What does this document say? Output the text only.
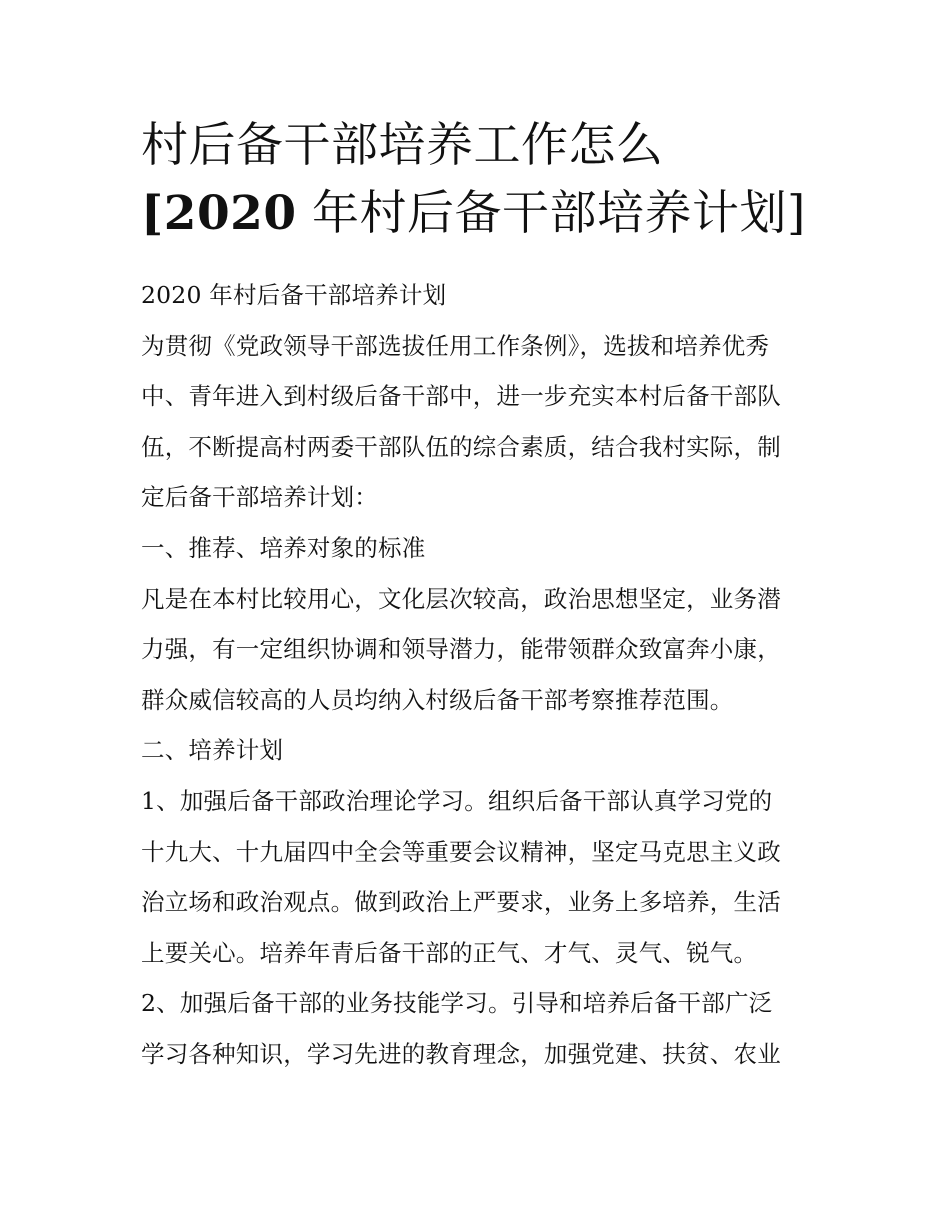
村后备干部培养工作怎么
[2020 年村后备干部培养计划]
2020 年村后备干部培养计划
为贯彻《党政领导干部选拔任用工作条例》，选拔和培养优秀
中、青年进入到村级后备干部中，进一步充实本村后备干部队
伍，不断提高村两委干部队伍的综合素质，结合我村实际，制
定后备干部培养计划：
一、推荐、培养对象的标准
凡是在本村比较用心，文化层次较高，政治思想坚定，业务潜
力强，有一定组织协调和领导潜力，能带领群众致富奔小康，
群众威信较高的人员均纳入村级后备干部考察推荐范围。
二、培养计划
1、加强后备干部政治理论学习。组织后备干部认真学习党的
十九大、十九届四中全会等重要会议精神，坚定马克思主义政
治立场和政治观点。做到政治上严要求，业务上多培养，生活
上要关心。培养年青后备干部的正气、才气、灵气、锐气。
2、加强后备干部的业务技能学习。引导和培养后备干部广泛
学习各种知识，学习先进的教育理念，加强党建、扶贫、农业
